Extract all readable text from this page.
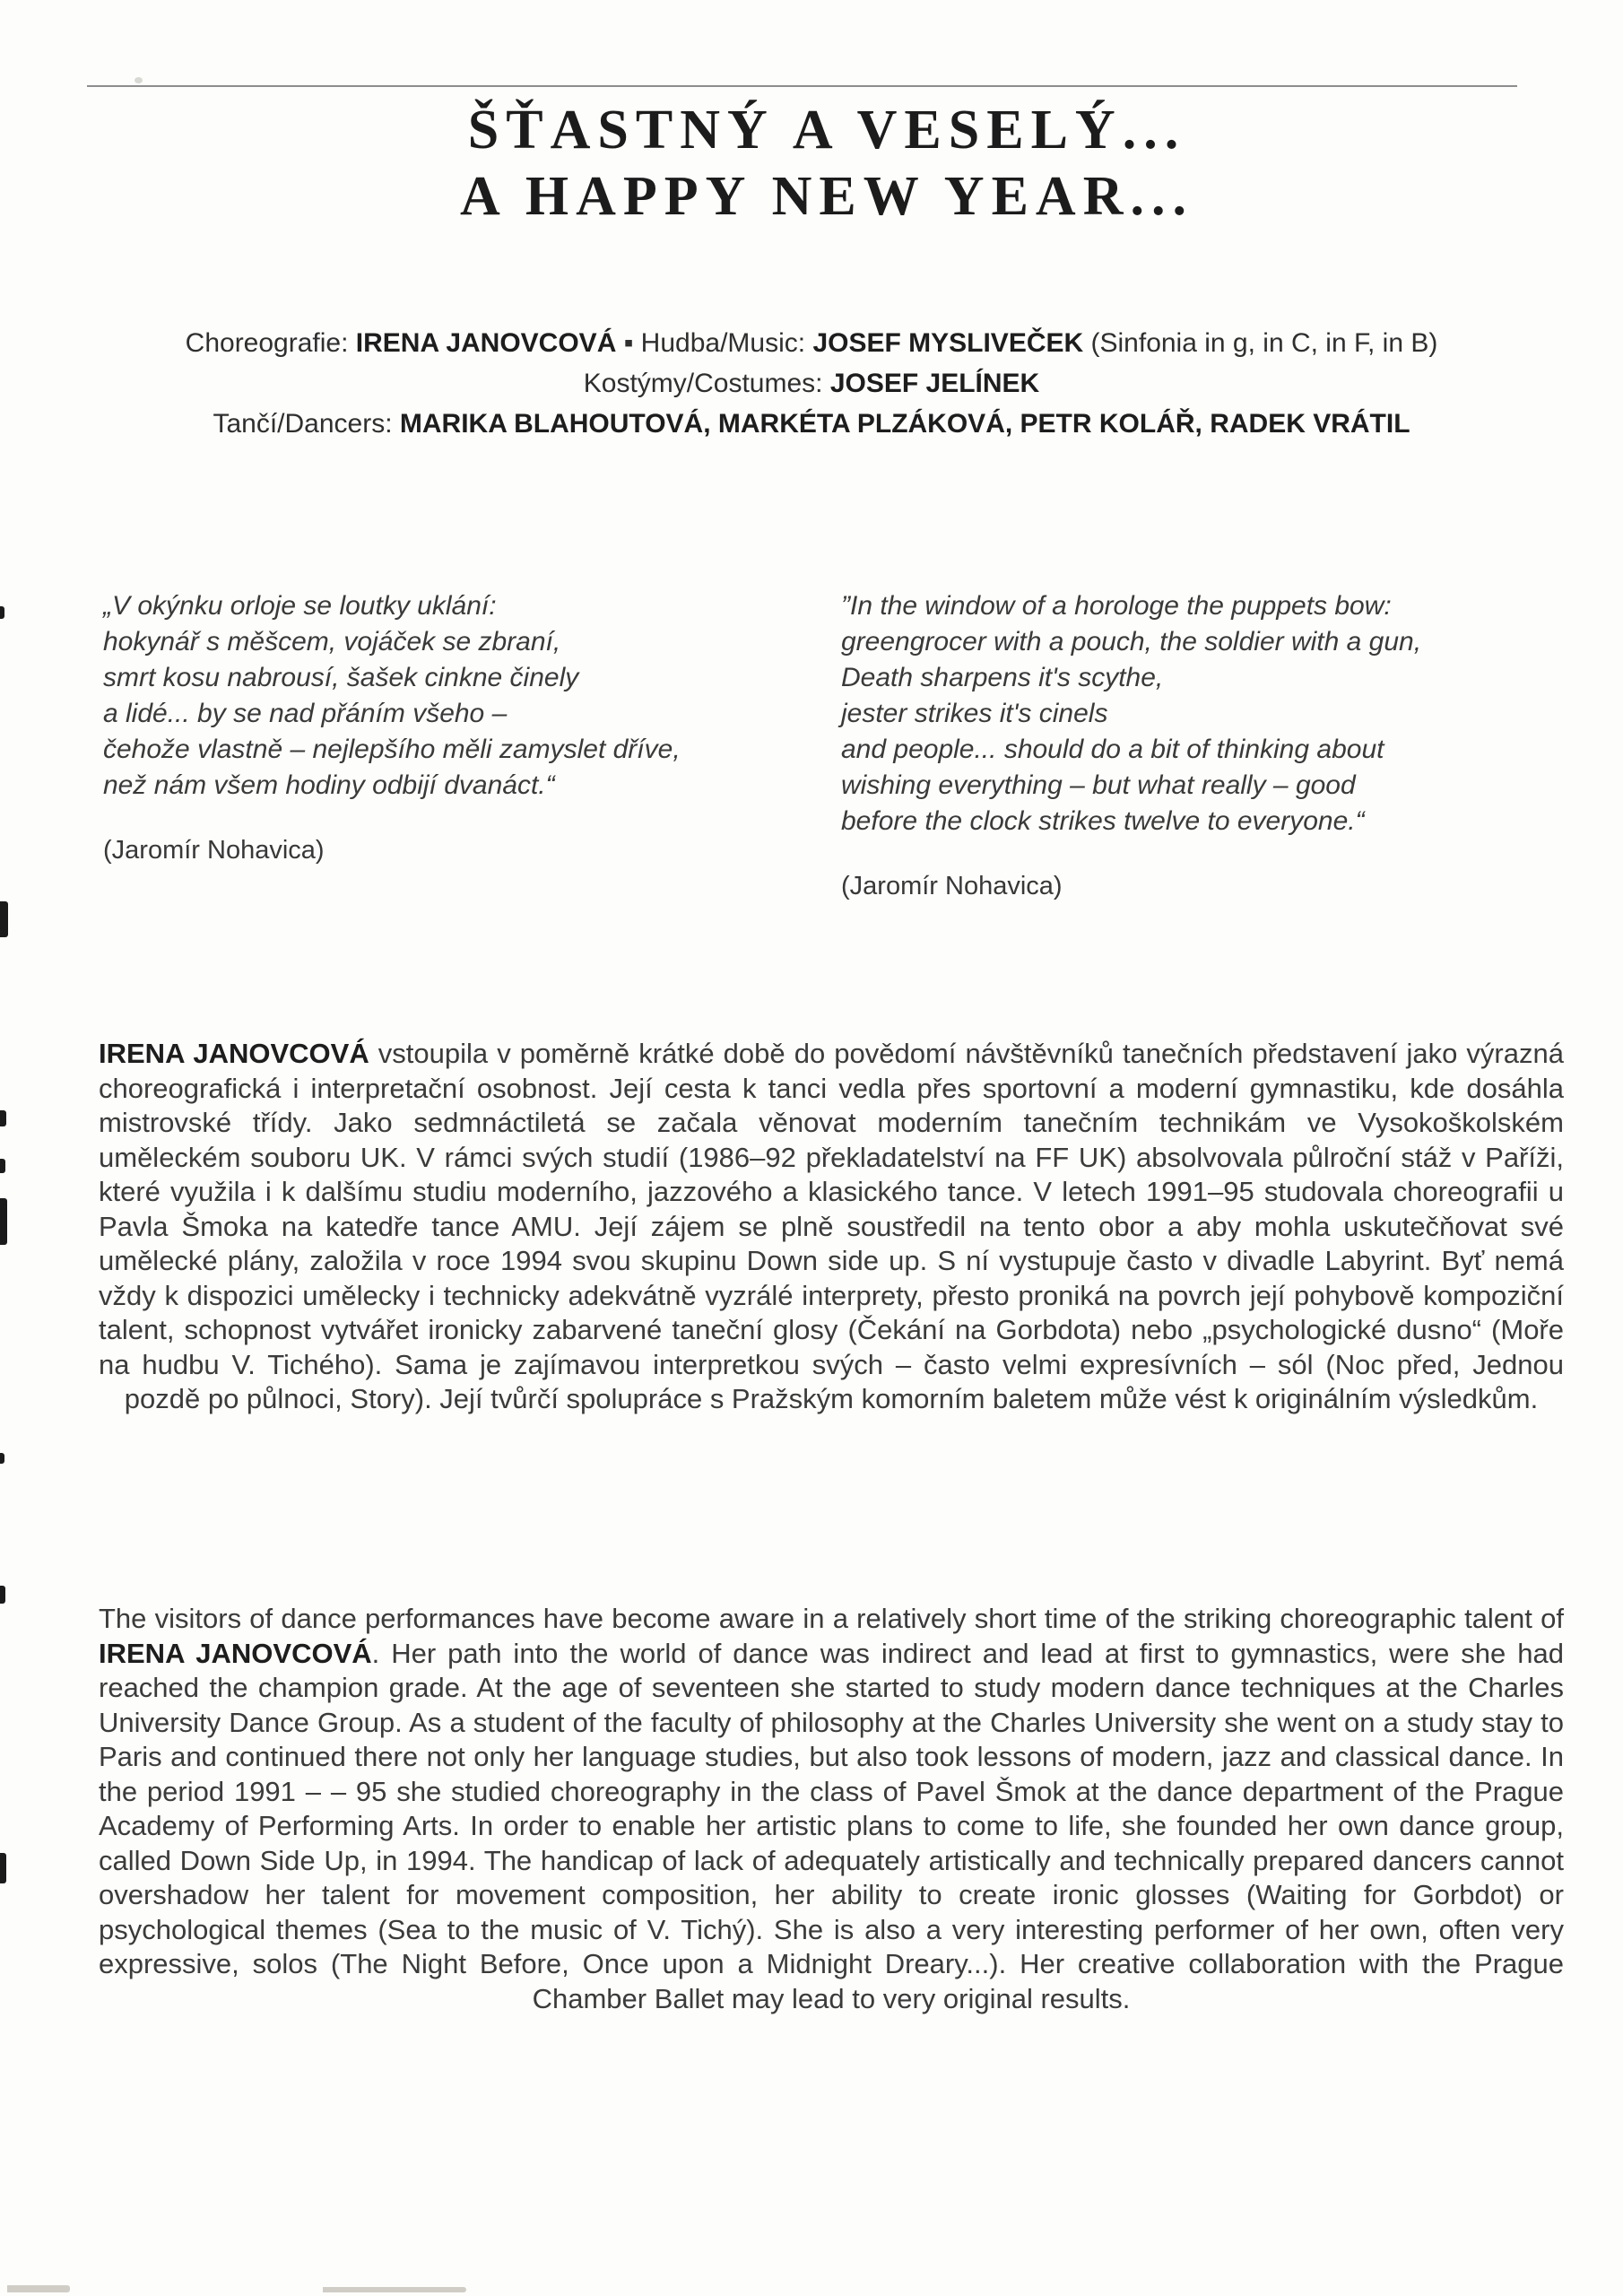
ŠŤASTNÝ A VESELÝ...
A HAPPY NEW YEAR...
Choreografie: IRENA JANOVCOVÁ ▪ Hudba/Music: JOSEF MYSLIVEČEK (Sinfonia in g, in C, in F, in B)
Kostýmy/Costumes: JOSEF JELÍNEK
Tančí/Dancers: MARIKA BLAHOUTOVÁ, MARKÉTA PLZÁKOVÁ, PETR KOLÁŘ, RADEK VRÁTIL
„V okýnku orloje se loutky uklání:
hokynář s měšcem, vojáček se zbraní,
smrt kosu nabrousí, šašek cinkne činely
a lidé... by se nad přáním všeho –
čehože vlastně – nejlepšího měli zamyslet dříve,
než nám všem hodiny odbijí dvanáct.“
(Jaromír Nohavica)
”In the window of a horologe the puppets bow:
greengrocer with a pouch, the soldier with a gun,
Death sharpens it's scythe,
jester strikes it's cinels
and people... should do a bit of thinking about
wishing everything – but what really – good
before the clock strikes twelve to everyone.“
(Jaromír Nohavica)

IRENA JANOVCOVÁ vstoupila v poměrně krátké době do povědomí návštěvníků tanečních představení jako výrazná choreografická i interpretační osobnost. Její cesta k tanci vedla přes sportovní a moderní gymnastiku, kde dosáhla mistrovské třídy. Jako sedmnáctiletá se začala věnovat moderním tanečním technikám ve Vysokoškolském uměleckém souboru UK. V rámci svých studií (1986–92 překladatelství na FF UK) absolvovala půlroční stáž v Paříži, které využila i k dalšímu studiu moderního, jazzového a klasického tance. V letech 1991–95 studovala choreografii u Pavla Šmoka na katedře tance AMU. Její zájem se plně soustředil na tento obor a aby mohla uskutečňovat své umělecké plány, založila v roce 1994 svou skupinu Down side up. S ní vystupuje často v divadle Labyrint. Byť nemá vždy k dispozici umělecky i technicky adekvátně vyzrálé interprety, přesto proniká na povrch její pohybově kompoziční talent, schopnost vytvářet ironicky zabarvené taneční glosy (Čekání na Gorbdota) nebo „psychologické dusno“ (Moře na hudbu V. Tichého). Sama je zajímavou interpretkou svých – často velmi expresívních – sól (Noc před, Jednou pozdě po půlnoci, Story). Její tvůrčí spolupráce s Pražským komorním baletem může vést k originálním výsledkům.

The visitors of dance performances have become aware in a relatively short time of the striking choreographic talent of IRENA JANOVCOVÁ. Her path into the world of dance was indirect and lead at first to gymnastics, were she had reached the champion grade. At the age of seventeen she started to study modern dance techniques at the Charles University Dance Group. As a student of the faculty of philosophy at the Charles University she went on a study stay to Paris and continued there not only her language studies, but also took lessons of modern, jazz and classical dance. In the period 1991 – – 95 she studied choreography in the class of Pavel Šmok at the dance department of the Prague Academy of Performing Arts. In order to enable her artistic plans to come to life, she founded her own dance group, called Down Side Up, in 1994. The handicap of lack of adequately artistically and technically prepared dancers cannot overshadow her talent for movement composition, her ability to create ironic glosses (Waiting for Gorbdot) or psychological themes (Sea to the music of V. Tichý). She is also a very interesting performer of her own, often very expressive, solos (The Night Before, Once upon a Midnight Dreary...). Her creative collaboration with the Prague Chamber Ballet may lead to very original results.
